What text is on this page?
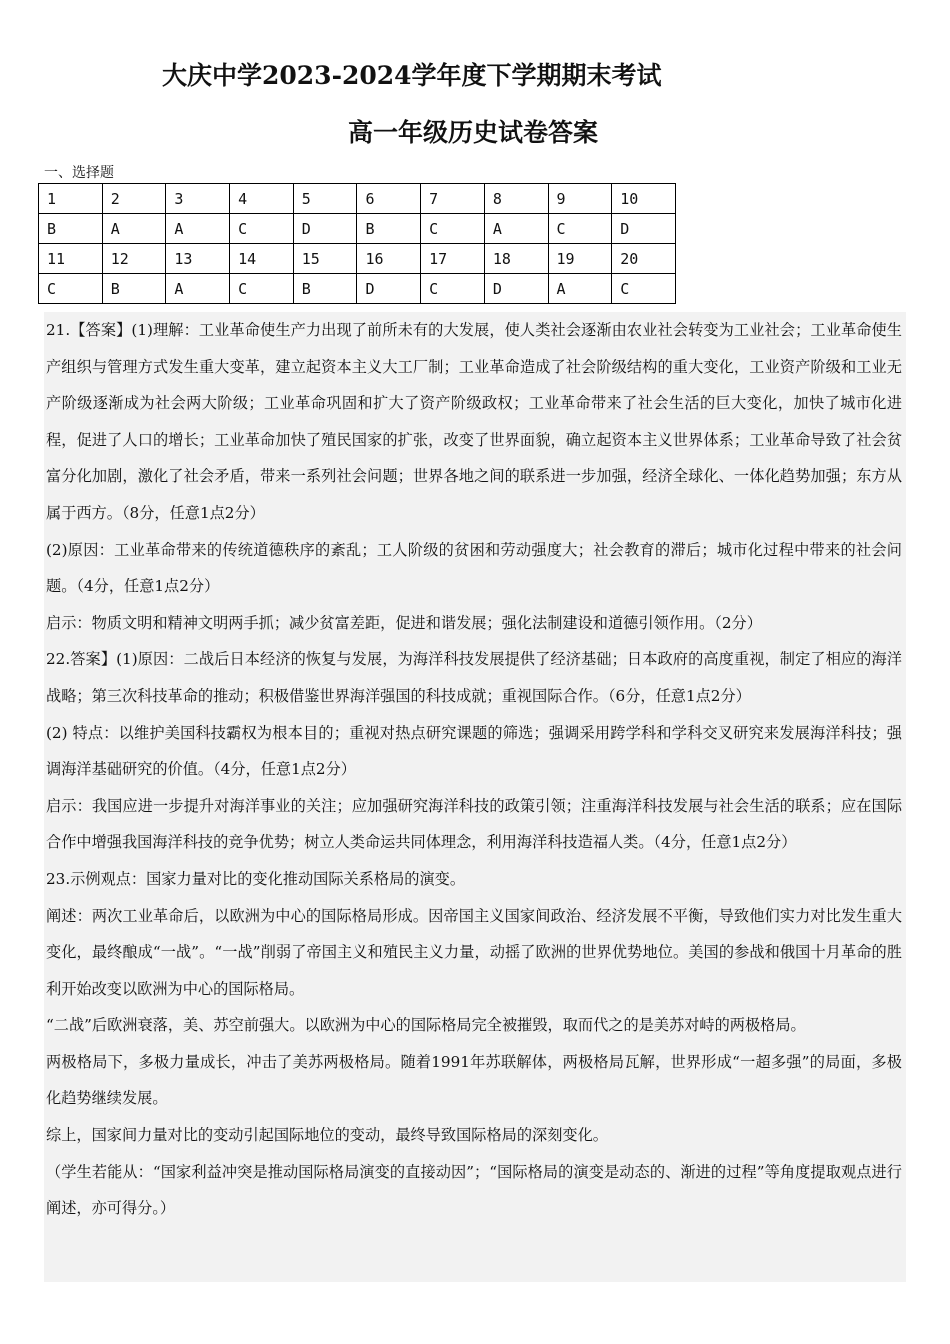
大庆中学2023-2024学年度下学期期末考试
高一年级历史试卷答案
一、选择题
1	2	3	4	5	6	7	8	9	10
B	A	A	C	D	B	C	A	C	D
11	12	13	14	15	16	17	18	19	20
C	B	A	C	B	D	C	D	A	C

21.【答案】(1)理解：工业革命使生产力出现了前所未有的大发展，使人类社会逐渐由农业社会转变为工业社会；工业革命使生产组织与管理方式发生重大变革，建立起资本主义大工厂制；工业革命造成了社会阶级结构的重大变化，工业资产阶级和工业无产阶级逐渐成为社会两大阶级；工业革命巩固和扩大了资产阶级政权；工业革命带来了社会生活的巨大变化，加快了城市化进程，促进了人口的增长；工业革命加快了殖民国家的扩张，改变了世界面貌，确立起资本主义世界体系；工业革命导致了社会贫富分化加剧，激化了社会矛盾，带来一系列社会问题；世界各地之间的联系进一步加强，经济全球化、一体化趋势加强；东方从属于西方。（8分，任意1点2分）

(2)原因：工业革命带来的传统道德秩序的紊乱；工人阶级的贫困和劳动强度大；社会教育的滞后；城市化过程中带来的社会问题。（4分，任意1点2分）

启示：物质文明和精神文明两手抓；减少贫富差距，促进和谐发展；强化法制建设和道德引领作用。（2分）

22.答案】(1)原因：二战后日本经济的恢复与发展，为海洋科技发展提供了经济基础；日本政府的高度重视，制定了相应的海洋战略；第三次科技革命的推动；积极借鉴世界海洋强国的科技成就；重视国际合作。（6分，任意1点2分）

(2) 特点：以维护美国科技霸权为根本目的；重视对热点研究课题的筛选；强调采用跨学科和学科交叉研究来发展海洋科技；强调海洋基础研究的价值。（4分，任意1点2分）

启示：我国应进一步提升对海洋事业的关注；应加强研究海洋科技的政策引领；注重海洋科技发展与社会生活的联系；应在国际合作中增强我国海洋科技的竞争优势；树立人类命运共同体理念，利用海洋科技造福人类。（4分，任意1点2分）

23.示例观点：国家力量对比的变化推动国际关系格局的演变。

阐述：两次工业革命后，以欧洲为中心的国际格局形成。因帝国主义国家间政治、经济发展不平衡，导致他们实力对比发生重大变化，最终酿成“一战”。“一战”削弱了帝国主义和殖民主义力量，动摇了欧洲的世界优势地位。美国的参战和俄国十月革命的胜利开始改变以欧洲为中心的国际格局。

“二战”后欧洲衰落，美、苏空前强大。以欧洲为中心的国际格局完全被摧毁，取而代之的是美苏对峙的两极格局。

两极格局下，多极力量成长，冲击了美苏两极格局。随着1991年苏联解体，两极格局瓦解，世界形成“一超多强”的局面，多极化趋势继续发展。

综上，国家间力量对比的变动引起国际地位的变动，最终导致国际格局的深刻变化。

（学生若能从：“国家利益冲突是推动国际格局演变的直接动因”；“国际格局的演变是动态的、渐进的过程”等角度提取观点进行阐述，亦可得分。）
